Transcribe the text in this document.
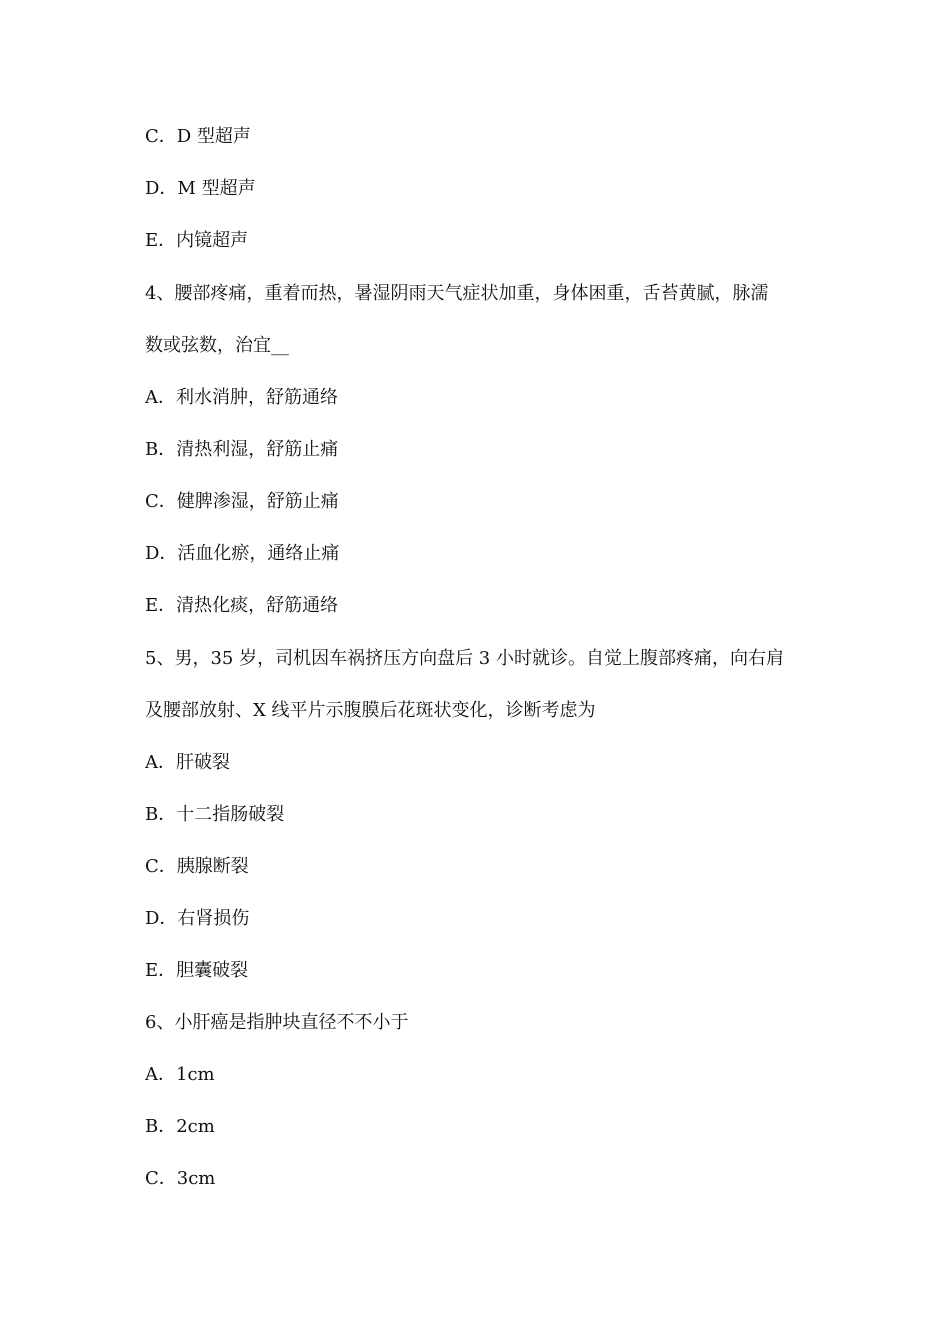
C．D 型超声
D．M 型超声
E．内镜超声
4、腰部疼痛，重着而热，暑湿阴雨天气症状加重，身体困重，舌苔黄腻，脉濡
数或弦数，治宜__
A．利水消肿，舒筋通络
B．清热利湿，舒筋止痛
C．健脾渗湿，舒筋止痛
D．活血化瘀，通络止痛
E．清热化痰，舒筋通络
5、男，35 岁，司机因车祸挤压方向盘后 3 小时就诊。自觉上腹部疼痛，向右肩
及腰部放射、X 线平片示腹膜后花斑状变化，诊断考虑为
A．肝破裂
B．十二指肠破裂
C．胰腺断裂
D．右肾损伤
E．胆囊破裂
6、小肝癌是指肿块直径不不小于
A．1cm
B．2cm
C．3cm
